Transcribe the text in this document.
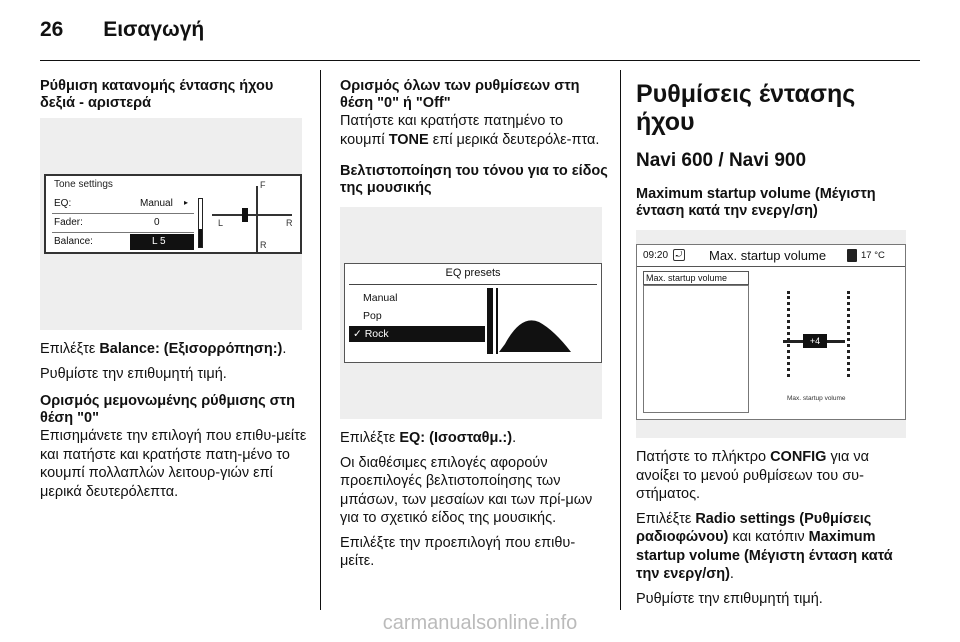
26 Εισαγωγή
Ρύθμιση κατανομής έντασης ήχου δεξιά - αριστερά
Tone settings
EQ:	Manual ▸
Fader:	0
Balance:	L 5
F
R
L	R
Επιλέξτε Balance: (Εξισορρόπηση:).
Ρυθμίστε την επιθυμητή τιμή.
Ορισμός μεμονωμένης ρύθμισης στη θέση "0"
Επισημάνετε την επιλογή που επιθυ-μείτε και πατήστε και κρατήστε πατη-μένο το κουμπί πολλαπλών λειτουρ-γιών επί μερικά δευτερόλεπτα.
Ορισμός όλων των ρυθμίσεων στη θέση "0" ή "Off"
Πατήστε και κρατήστε πατημένο το κουμπί TONE επί μερικά δευτερόλε-πτα.
Βελτιστοποίηση του τόνου για το είδος της μουσικής
EQ presets
Manual
Pop
✓ Rock
Επιλέξτε EQ: (Ισοσταθμ.:).
Οι διαθέσιμες επιλογές αφορούν προεπιλογές βελτιστοποίησης των μπάσων, των μεσαίων και των πρί-μων για το σχετικό είδος της μουσικής.
Επιλέξτε την προεπιλογή που επιθυ-μείτε.
Ρυθμίσεις έντασης ήχου
Navi 600 / Navi 900
Maximum startup volume (Μέγιστη ένταση κατά την ενεργ/ση)
09:20 ⤾ Max. startup volume	17 °C
Max. startup volume
+4
Max. startup volume
Πατήστε το πλήκτρο CONFIG για να ανοίξει το μενού ρυθμίσεων του συ-στήματος.
Επιλέξτε Radio settings (Ρυθμίσεις ραδιοφώνου) και κατόπιν Maximum startup volume (Μέγιστη ένταση κατά την ενεργ/ση).
Ρυθμίστε την επιθυμητή τιμή.
carmanualsonline.info
